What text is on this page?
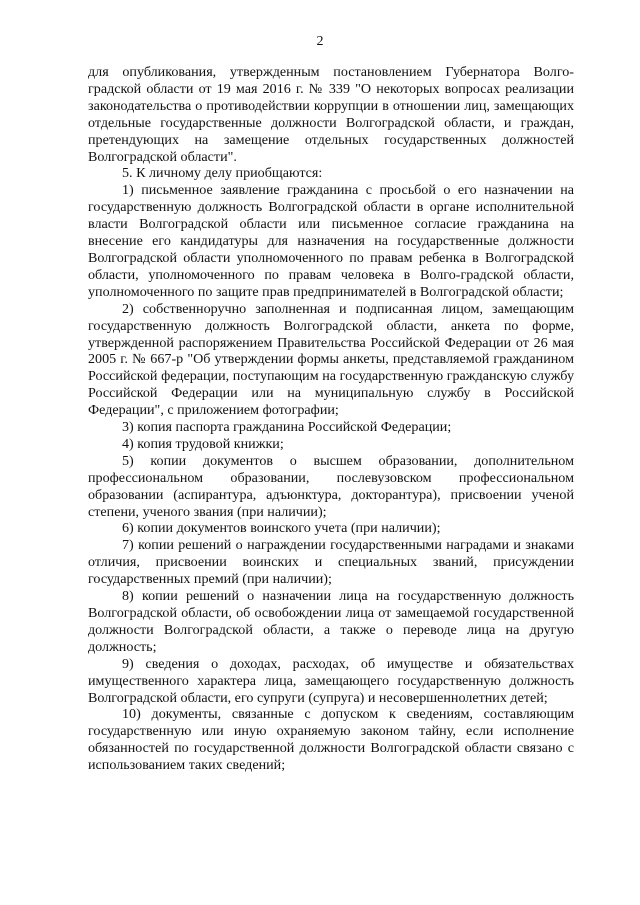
2

для опубликования, утвержденным постановлением Губернатора Волго-градской области от 19 мая 2016 г. № 339 "О некоторых вопросах реализации законодательства о противодействии коррупции в отношении лиц, замещающих отдельные государственные должности Волгоградской области, и граждан, претендующих на замещение отдельных государственных должностей Волгоградской области".

5. К личному делу приобщаются:

1) письменное заявление гражданина с просьбой о его назначении на государственную должность Волгоградской области в органе исполнительной власти Волгоградской области или письменное согласие гражданина на внесение его кандидатуры для назначения на государственные должности Волгоградской области уполномоченного по правам ребенка в Волгоградской области, уполномоченного по правам человека в Волго-градской области, уполномоченного по защите прав предпринимателей в Волгоградской области;

2) собственноручно заполненная и подписанная лицом, замещающим государственную должность Волгоградской области, анкета по форме, утвержденной распоряжением Правительства Российской Федерации от 26 мая 2005 г. № 667-р "Об утверждении формы анкеты, представляемой гражданином Российской федерации, поступающим на государственную гражданскую службу Российской Федерации или на муниципальную службу в Российской Федерации", с приложением фотографии;

3) копия паспорта гражданина Российской Федерации;

4) копия трудовой книжки;

5) копии документов о высшем образовании, дополнительном профессиональном образовании, послевузовском профессиональном образовании (аспирантура, адъюнктура, докторантура), присвоении ученой степени, ученого звания (при наличии);

6) копии документов воинского учета (при наличии);

7) копии решений о награждении государственными наградами и знаками отличия, присвоении воинских и специальных званий, присуждении государственных премий (при наличии);

8) копии решений о назначении лица на государственную должность Волгоградской области, об освобождении лица от замещаемой государственной должности Волгоградской области, а также о переводе лица на другую должность;

9) сведения о доходах, расходах, об имуществе и обязательствах имущественного характера лица, замещающего государственную должность Волгоградской области, его супруги (супруга) и несовершеннолетних детей;

10) документы, связанные с допуском к сведениям, составляющим государственную или иную охраняемую законом тайну, если исполнение обязанностей по государственной должности Волгоградской области связано с использованием таких сведений;
